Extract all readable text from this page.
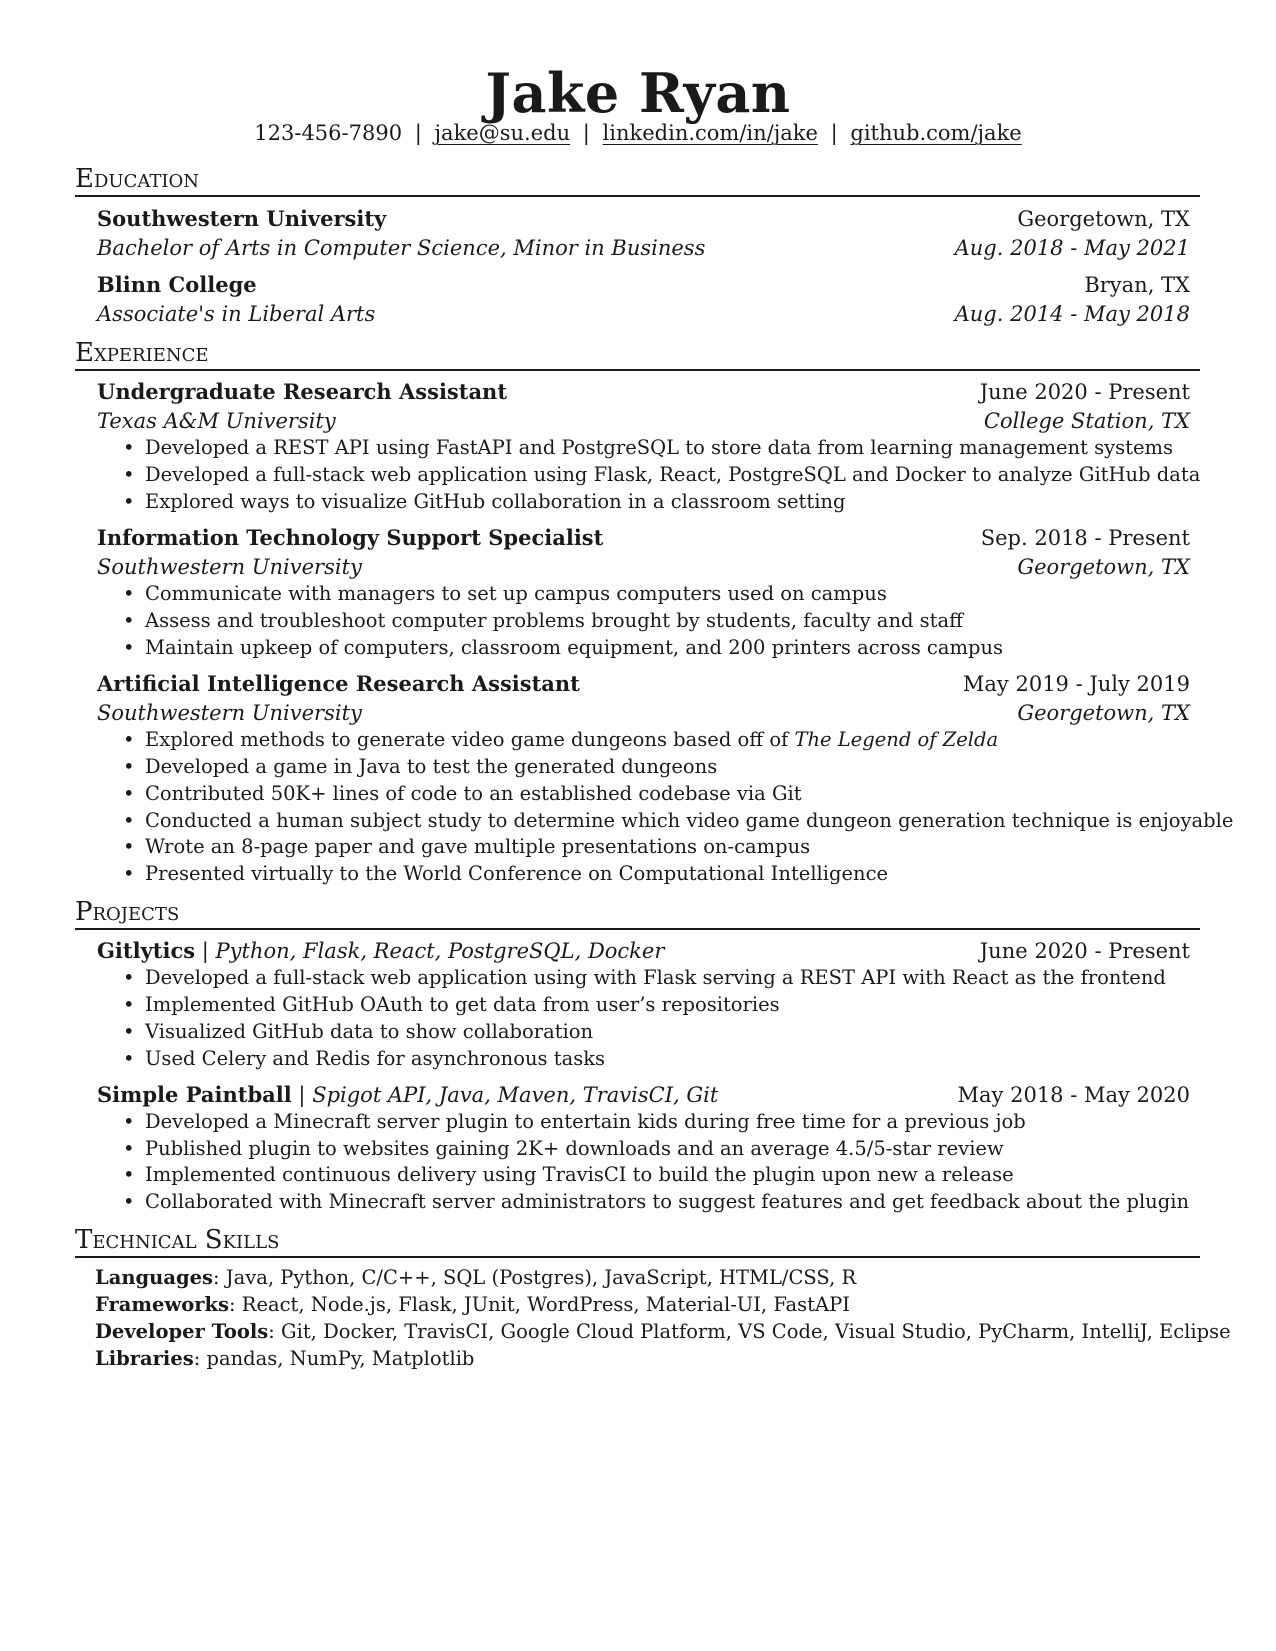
Jake Ryan
123-456-7890 | jake@su.edu | linkedin.com/in/jake | github.com/jake
Education
Southwestern University	Georgetown, TX
Bachelor of Arts in Computer Science, Minor in Business	Aug. 2018 - May 2021
Blinn College	Bryan, TX
Associate's in Liberal Arts	Aug. 2014 - May 2018
Experience
Undergraduate Research Assistant	June 2020 - Present
Texas A&M University	College Station, TX
• Developed a REST API using FastAPI and PostgreSQL to store data from learning management systems
• Developed a full-stack web application using Flask, React, PostgreSQL and Docker to analyze GitHub data
• Explored ways to visualize GitHub collaboration in a classroom setting
Information Technology Support Specialist	Sep. 2018 - Present
Southwestern University	Georgetown, TX
• Communicate with managers to set up campus computers used on campus
• Assess and troubleshoot computer problems brought by students, faculty and staff
• Maintain upkeep of computers, classroom equipment, and 200 printers across campus
Artificial Intelligence Research Assistant	May 2019 - July 2019
Southwestern University	Georgetown, TX
• Explored methods to generate video game dungeons based off of The Legend of Zelda
• Developed a game in Java to test the generated dungeons
• Contributed 50K+ lines of code to an established codebase via Git
• Conducted a human subject study to determine which video game dungeon generation technique is enjoyable
• Wrote an 8-page paper and gave multiple presentations on-campus
• Presented virtually to the World Conference on Computational Intelligence
Projects
Gitlytics | Python, Flask, React, PostgreSQL, Docker	June 2020 - Present
• Developed a full-stack web application using with Flask serving a REST API with React as the frontend
• Implemented GitHub OAuth to get data from user’s repositories
• Visualized GitHub data to show collaboration
• Used Celery and Redis for asynchronous tasks
Simple Paintball | Spigot API, Java, Maven, TravisCI, Git	May 2018 - May 2020
• Developed a Minecraft server plugin to entertain kids during free time for a previous job
• Published plugin to websites gaining 2K+ downloads and an average 4.5/5-star review
• Implemented continuous delivery using TravisCI to build the plugin upon new a release
• Collaborated with Minecraft server administrators to suggest features and get feedback about the plugin
Technical Skills
Languages: Java, Python, C/C++, SQL (Postgres), JavaScript, HTML/CSS, R
Frameworks: React, Node.js, Flask, JUnit, WordPress, Material-UI, FastAPI
Developer Tools: Git, Docker, TravisCI, Google Cloud Platform, VS Code, Visual Studio, PyCharm, IntelliJ, Eclipse
Libraries: pandas, NumPy, Matplotlib
